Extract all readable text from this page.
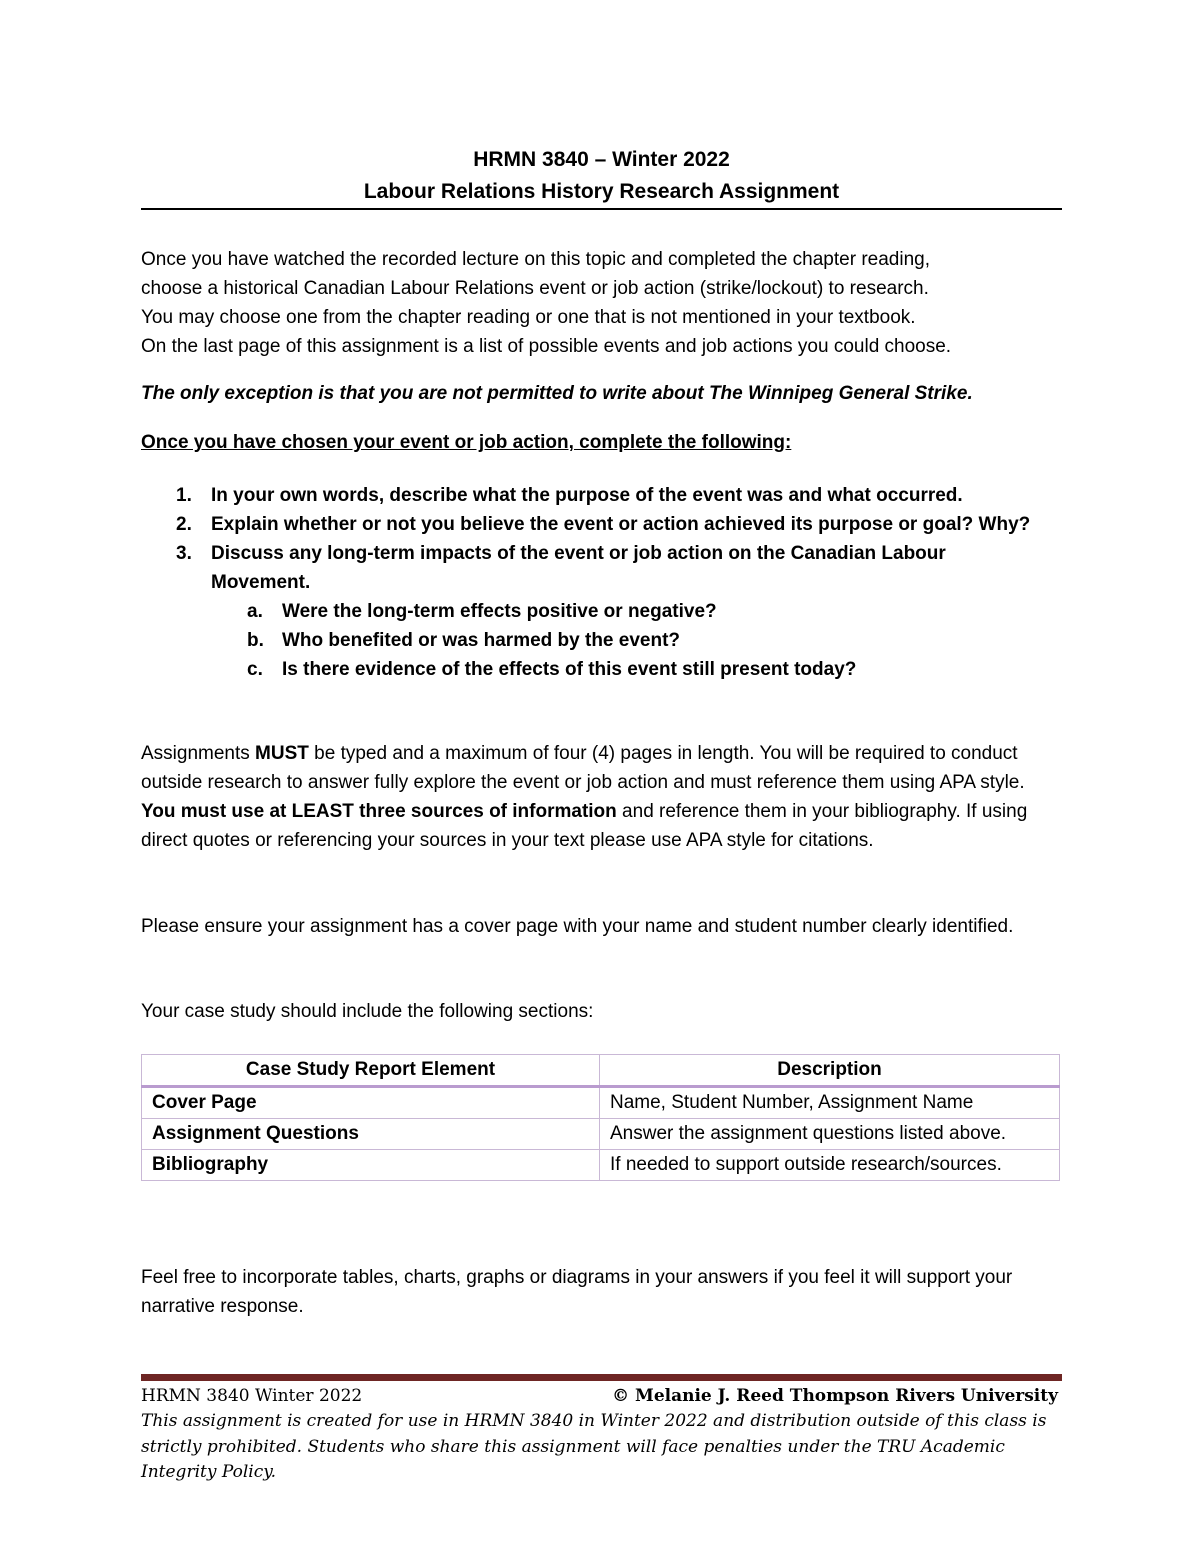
HRMN 3840 – Winter 2022
Labour Relations History Research Assignment
Once you have watched the recorded lecture on this topic and completed the chapter reading,
choose a historical Canadian Labour Relations event or job action (strike/lockout) to research.
You may choose one from the chapter reading or one that is not mentioned in your textbook.
On the last page of this assignment is a list of possible events and job actions you could choose.
The only exception is that you are not permitted to write about The Winnipeg General Strike.
Once you have chosen your event or job action, complete the following:
1. In your own words, describe what the purpose of the event was and what occurred.
2. Explain whether or not you believe the event or action achieved its purpose or goal? Why?
3. Discuss any long-term impacts of the event or job action on the Canadian Labour Movement.
a. Were the long-term effects positive or negative?
b. Who benefited or was harmed by the event?
c. Is there evidence of the effects of this event still present today?
Assignments MUST be typed and a maximum of four (4) pages in length. You will be required to conduct outside research to answer fully explore the event or job action and must reference them using APA style. You must use at LEAST three sources of information and reference them in your bibliography. If using direct quotes or referencing your sources in your text please use APA style for citations.
Please ensure your assignment has a cover page with your name and student number clearly identified.
Your case study should include the following sections:
Case Study Report Element	Description
Cover Page	Name, Student Number, Assignment Name
Assignment Questions	Answer the assignment questions listed above.
Bibliography	If needed to support outside research/sources.
Feel free to incorporate tables, charts, graphs or diagrams in your answers if you feel it will support your narrative response.
HRMN 3840 Winter 2022	© Melanie J. Reed Thompson Rivers University
This assignment is created for use in HRMN 3840 in Winter 2022 and distribution outside of this class is strictly prohibited. Students who share this assignment will face penalties under the TRU Academic Integrity Policy.
